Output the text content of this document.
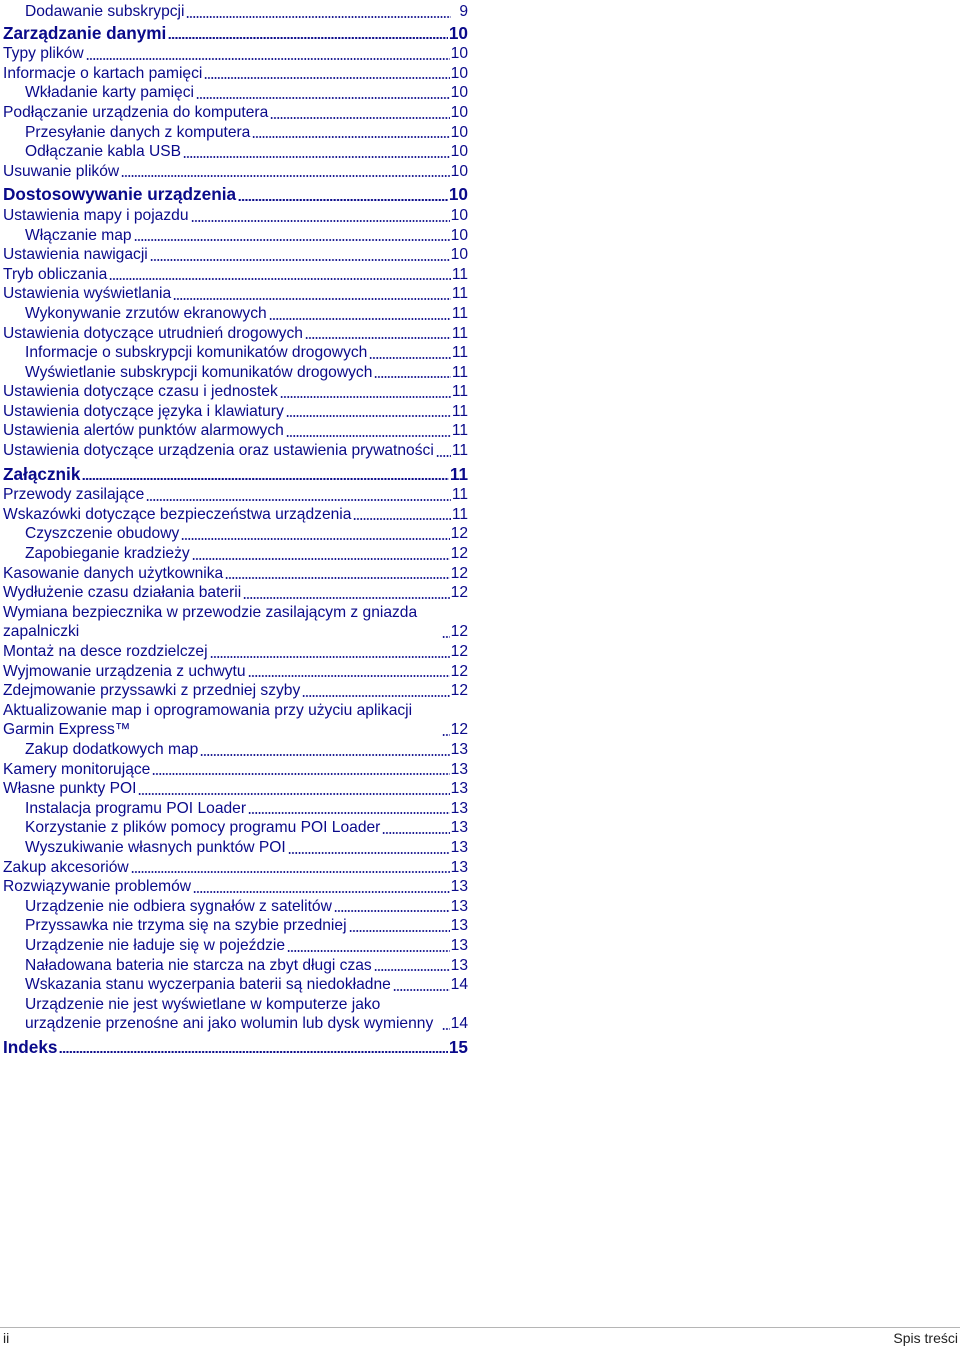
Dodawanie subskrypcji	9
Zarządzanie danymi	10
Typy plików	10
Informacje o kartach pamięci	10
Wkładanie karty pamięci	10
Podłączanie urządzenia do komputera	10
Przesyłanie danych z komputera	10
Odłączanie kabla USB	10
Usuwanie plików	10
Dostosowywanie urządzenia	10
Ustawienia mapy i pojazdu	10
Włączanie map	10
Ustawienia nawigacji	10
Tryb obliczania	11
Ustawienia wyświetlania	11
Wykonywanie zrzutów ekranowych	11
Ustawienia dotyczące utrudnień drogowych	11
Informacje o subskrypcji komunikatów drogowych	11
Wyświetlanie subskrypcji komunikatów drogowych	11
Ustawienia dotyczące czasu i jednostek	11
Ustawienia dotyczące języka i klawiatury	11
Ustawienia alertów punktów alarmowych	11
Ustawienia dotyczące urządzenia oraz ustawienia prywatności 11
Załącznik	11
Przewody zasilające	11
Wskazówki dotyczące bezpieczeństwa urządzenia	11
Czyszczenie obudowy	12
Zapobieganie kradzieży	12
Kasowanie danych użytkownika	12
Wydłużenie czasu działania baterii	12
Wymiana bezpiecznika w przewodzie zasilającym z gniazda zapalniczki	12
Montaż na desce rozdzielczej	12
Wyjmowanie urządzenia z uchwytu	12
Zdejmowanie przyssawki z przedniej szyby	12
Aktualizowanie map i oprogramowania przy użyciu aplikacji Garmin Express™	12
Zakup dodatkowych map	13
Kamery monitorujące	13
Własne punkty POI	13
Instalacja programu POI Loader	13
Korzystanie z plików pomocy programu POI Loader	13
Wyszukiwanie własnych punktów POI	13
Zakup akcesoriów	13
Rozwiązywanie problemów	13
Urządzenie nie odbiera sygnałów z satelitów	13
Przyssawka nie trzyma się na szybie przedniej	13
Urządzenie nie ładuje się w pojeździe	13
Naładowana bateria nie starcza na zbyt długi czas	13
Wskazania stanu wyczerpania baterii są niedokładne	14
Urządzenie nie jest wyświetlane w komputerze jako urządzenie przenośne ani jako wolumin lub dysk wymienny	14
Indeks	15
ii	Spis treści
